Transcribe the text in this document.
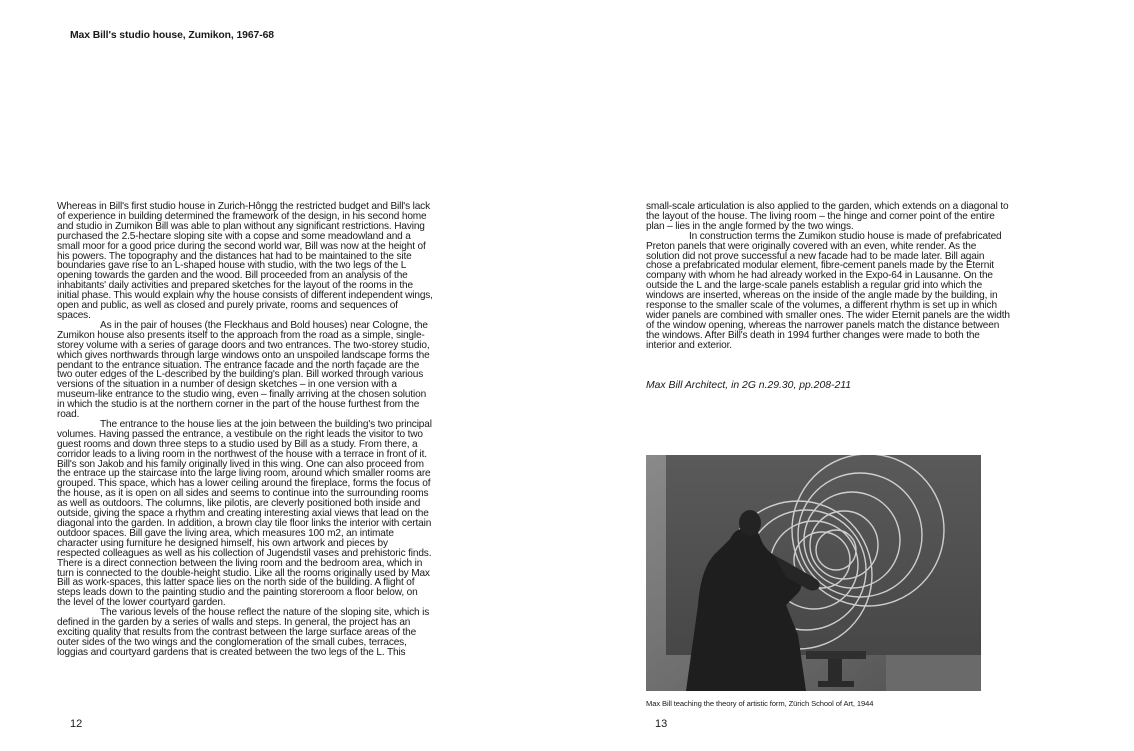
Max Bill's studio house, Zumikon, 1967-68

Whereas in Bill's first studio house in Zurich-Hôngg the restricted budget and Bill's lack of experience in building determined the framework of the design, in his second home and studio in Zumikon Bill was able to plan without any significant restrictions. Having purchased the 2.5-hectare sloping site with a copse and some meadowland and a small moor for a good price during the second world war, Bill was now at the height of his powers. The topography and the distances hat had to be maintained to the site boundaries gave rise to an L-shaped house with studio, with the two legs of the L opening towards the garden and the wood. Bill proceeded from an analysis of the inhabitants' daily activities and prepared sketches for the layout of the rooms in the initial phase. This would explain why the house consists of different independent wings, open and public, as well as closed and purely private, rooms and sequences of spaces.

As in the pair of houses (the Fleckhaus and Bold houses) near Cologne, the Zumikon house also presents itself to the approach from the road as a simple, single-storey volume with a series of garage doors and two entrances. The two-storey studio, which gives northwards through large windows onto an unspoiled landscape forms the pendant to the entrance situation. The entrance facade and the north façade are the two outer edges of the L-described by the building's plan. Bill worked through various versions of the situation in a number of design sketches – in one version with a museum-like entrance to the studio wing, even – finally arriving at the chosen solution in which the studio is at the northern corner in the part of the house furthest from the road.

The entrance to the house lies at the join between the building's two principal volumes. Having passed the entrance, a vestibule on the right leads the visitor to two guest rooms and down three steps to a studio used by Bill as a study. From there, a corridor leads to a living room in the northwest of the house with a terrace in front of it. Bill's son Jakob and his family originally lived in this wing. One can also proceed from the entrace up the staircase into the large living room, around which smaller rooms are grouped. This space, which has a lower ceiling around the fireplace, forms the focus of the house, as it is open on all sides and seems to continue into the surrounding rooms as well as outdoors. The columns, like pilotis, are cleverly positioned both inside and outside, giving the space a rhythm and creating interesting axial views that lead on the diagonal into the garden. In addition, a brown clay tile floor links the interior with certain outdoor spaces. Bill gave the living area, which measures 100 m2, an intimate character using furniture he designed himself, his own artwork and pieces by respected colleagues as well as his collection of Jugendstil vases and prehistoric finds. There is a direct connection between the living room and the bedroom area, which in turn is connected to the double-height studio. Like all the rooms originally used by Max Bill as work-spaces, this latter space lies on the north side of the building. A flight of steps leads down to the painting studio and the painting storeroom a floor below, on the level of the lower courtyard garden.

The various levels of the house reflect the nature of the sloping site, which is defined in the garden by a series of walls and steps. In general, the project has an exciting quality that results from the contrast between the large surface areas of the outer sides of the two wings and the conglomeration of the small cubes, terraces, loggias and courtyard gardens that is created between the two legs of the L. This

12

small-scale articulation is also applied to the garden, which extends on a diagonal to the layout of the house. The living room – the hinge and corner point of the entire plan – lies in the angle formed by the two wings.

In construction terms the Zumikon studio house is made of prefabricated Preton panels that were originally covered with an even, white render. As the solution did not prove successful a new facade had to be made later. Bill again chose a prefabricated modular element, fibre-cement panels made by the Eternit company with whom he had already worked in the Expo-64 in Lausanne. On the outside the L and the large-scale panels establish a regular grid into which the windows are inserted, whereas on the inside of the angle made by the building, in response to the smaller scale of the volumes, a different rhythm is set up in which wider panels are combined with smaller ones. The wider Eternit panels are the width of the window opening, whereas the narrower panels match the distance between the windows. After Bill's death in 1994 further changes were made to both the interior and exterior.

Max Bill Architect, in 2G n.29.30, pp.208-211
Max Bill teaching the theory of artistic form, Zürich School of Art, 1944
13
